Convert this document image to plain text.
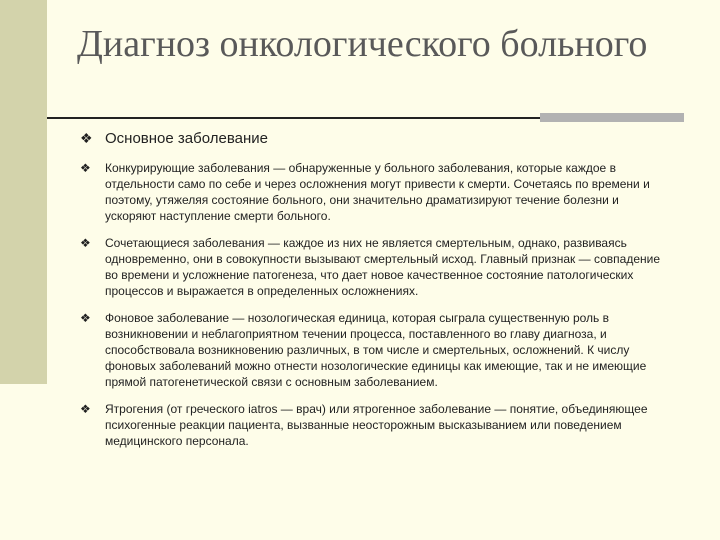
Диагноз онкологического больного
❖ Основное заболевание
❖ Конкурирующие заболевания — обнаруженные у больного заболевания, которые каждое в отдельности само по себе и через осложнения могут привести к смерти. Сочетаясь по времени и поэтому, утяжеляя состояние больного, они значительно драматизируют течение болезни и ускоряют наступление смерти больного.
❖ Сочетающиеся заболевания — каждое из них не является смертельным, однако, развиваясь одновременно, они в совокупности вызывают смертельный исход. Главный признак — совпадение во времени и усложнение патогенеза, что дает новое качественное состояние патологических процессов и выражается в определенных осложнениях.
❖ Фоновое заболевание — нозологическая единица, которая сыграла существенную роль в возникновении и неблагоприятном течении процесса, поставленного во главу диагноза, и способствовала возникновению различных, в том числе и смертельных, осложнений. К числу фоновых заболеваний можно отнести нозологические единицы как имеющие, так и не имеющие прямой патогенетической связи с основным заболеванием.
❖ Ятрогения (от греческого iatros — врач) или ятрогенное заболевание — понятие, объединяющее психогенные реакции пациента, вызванные неосторожным высказыванием или поведением медицинского персонала.
